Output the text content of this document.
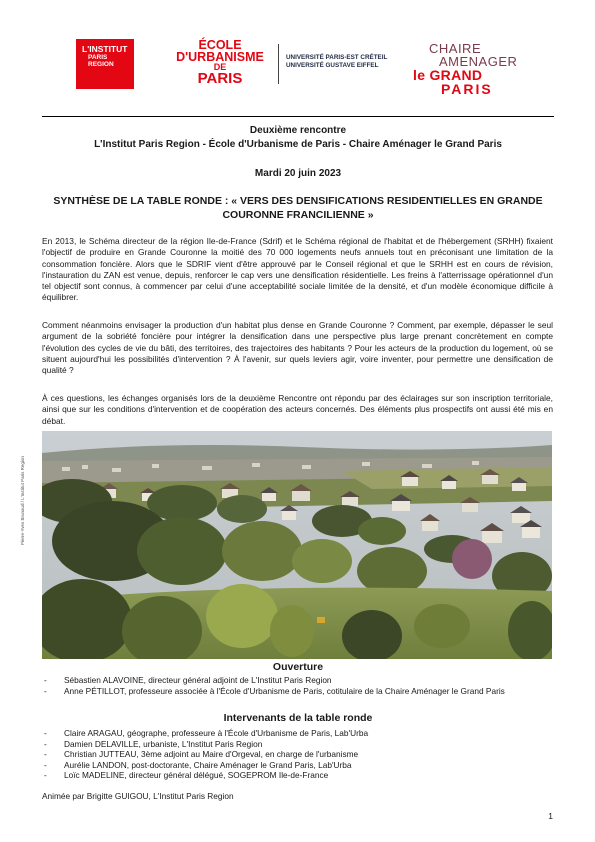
L'INSTITUT
PARIS
REGION
ÉCOLE
D'URBANISME
DE
PARIS
UNIVERSITÉ PARIS-EST CRÉTEIL
UNIVERSITÉ GUSTAVE EIFFEL
CHAIRE
AMENAGER
le GRAND
PARIS
Deuxième rencontre
L'Institut Paris Region - École d'Urbanisme de Paris - Chaire Aménager le Grand Paris
Mardi 20 juin 2023
SYNTHÈSE DE LA TABLE RONDE : « VERS DES DENSIFICATIONS RESIDENTIELLES EN GRANDE COURONNE FRANCILIENNE »

En 2013, le Schéma directeur de la région Ile-de-France (Sdrif) et le Schéma régional de l'habitat et de l'hébergement (SRHH) fixaient l'objectif de produire en Grande Couronne la moitié des 70 000 logements neufs annuels tout en préconisant une limitation de la consommation foncière. Alors que le SDRIF vient d'être approuvé par le Conseil régional et que le SRHH est en cours de révision, l'instauration du ZAN est venue, depuis, renforcer le cap vers une densification résidentielle. Les freins à l'atterrissage opérationnel d'un tel objectif sont connus, à commencer par celui d'une acceptabilité sociale limitée de la densité, et d'un modèle économique difficile à équilibrer.

Comment néanmoins envisager la production d'un habitat plus dense en Grande Couronne ? Comment, par exemple, dépasser le seul argument de la sobriété foncière pour intégrer la densification dans une perspective plus large prenant concrètement en compte l'évolution des cycles de vie du bâti, des territoires, des trajectoires des habitants ? Pour les acteurs de la production du logement, où se situent aujourd'hui les possibilités d'intervention ? À l'avenir, sur quels leviers agir, voire inventer, pour permettre une densification de qualité ?

À ces questions, les échanges organisés lors de la deuxième Rencontre ont répondu par des éclairages sur son inscription territoriale, ainsi que sur les conditions d'intervention et de coopération des acteurs concernés. Des éléments plus prospectifs ont aussi été mis en débat.

Pierre-Yves Brunaud / L'Institut Paris Region
Ouverture
- Sébastien ALAVOINE, directeur général adjoint de L'Institut Paris Region
- Anne PÉTILLOT, professeure associée à l'École d'Urbanisme de Paris, cotitulaire de la Chaire Aménager le Grand Paris
Intervenants de la table ronde
- Claire ARAGAU, géographe, professeure à l'École d'Urbanisme de Paris, Lab'Urba
- Damien DELAVILLE, urbaniste, L'Institut Paris Region
- Christian JUTTEAU, 3ème adjoint au Maire d'Orgeval, en charge de l'urbanisme
- Aurélie LANDON, post-doctorante, Chaire Aménager le Grand Paris, Lab'Urba
- Loïc MADELINE, directeur général délégué, SOGEPROM Ile-de-France
Animée par Brigitte GUIGOU, L'Institut Paris Region
1
